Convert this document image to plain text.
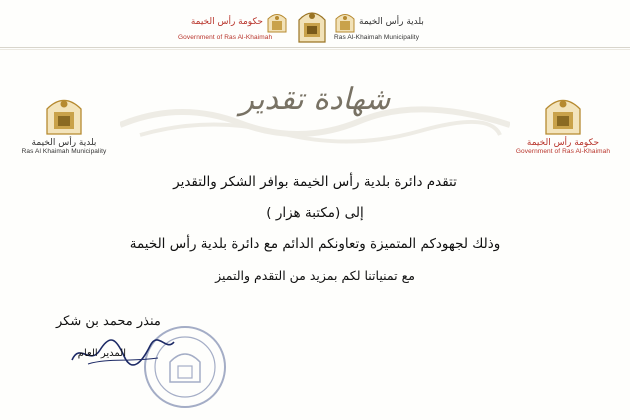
حكومة رأس الخيمة
Government of Ras Al-Khaimah
بلدية رأس الخيمة
Ras Al-Khaimah Municipality
بلدية رأس الخيمة
Ras Al Khaimah Municipality
حكومة رأس الخيمة
Government of Ras Al-Khaimah
شهادة تقدير
تتقدم دائرة بلدية رأس الخيمة بوافر الشكر والتقدير
إلى (مكتبة هزار )
وذلك لجهودكم المتميزة وتعاونكم الدائم مع دائرة بلدية رأس الخيمة
مع تمنياتنا لكم بمزيد من التقدم والتميز
منذر محمد بن شكر
المدير العام
